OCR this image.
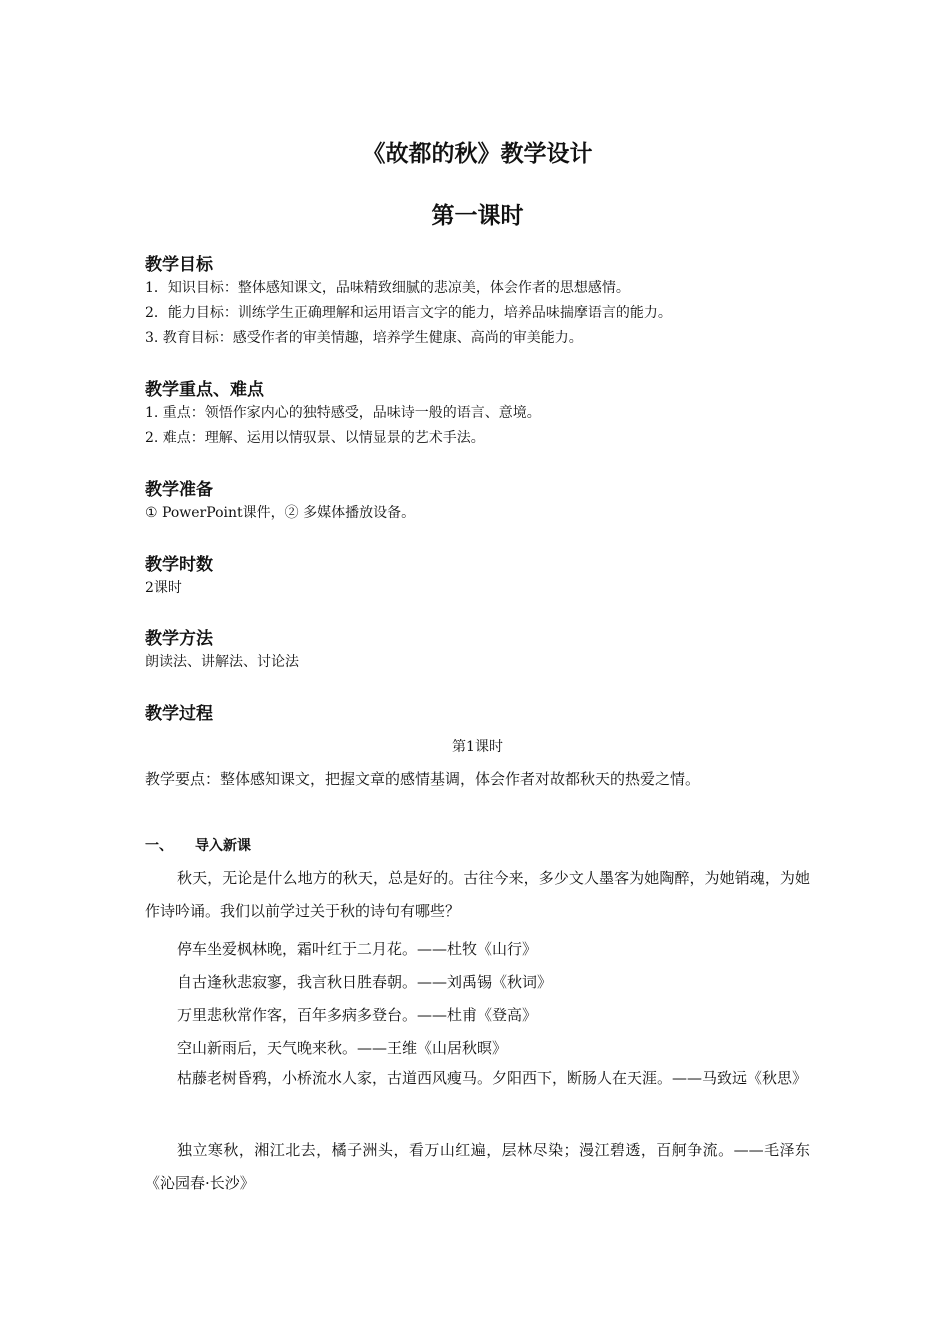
《故都的秋》教学设计
第一课时
教学目标
1．知识目标：整体感知课文，品味精致细腻的悲凉美，体会作者的思想感情。
2．能力目标：训练学生正确理解和运用语言文字的能力，培养品味揣摩语言的能力。
3. 教育目标：感受作者的审美情趣，培养学生健康、高尚的审美能力。
教学重点、难点
1. 重点：领悟作家内心的独特感受，品味诗一般的语言、意境。
2. 难点：理解、运用以情驭景、以情显景的艺术手法。
教学准备
① PowerPoint课件，② 多媒体播放设备。
教学时数
2课时
教学方法
朗读法、讲解法、讨论法
教学过程
第1课时
教学要点：整体感知课文，把握文章的感情基调，体会作者对故都秋天的热爱之情。
一、 导入新课
秋天，无论是什么地方的秋天，总是好的。古往今来，多少文人墨客为她陶醉，为她销魂，为她作诗吟诵。我们以前学过关于秋的诗句有哪些？
停车坐爱枫林晚，霜叶红于二月花。——杜牧《山行》
自古逢秋悲寂寥，我言秋日胜春朝。——刘禹锡《秋词》
万里悲秋常作客，百年多病多登台。——杜甫《登高》
空山新雨后，天气晚来秋。——王维《山居秋暝》
枯藤老树昏鸦，小桥流水人家，古道西风瘦马。夕阳西下，断肠人在天涯。——马致远《秋思》
独立寒秋，湘江北去，橘子洲头，看万山红遍，层林尽染；漫江碧透，百舸争流。——毛泽东《沁园春·长沙》
